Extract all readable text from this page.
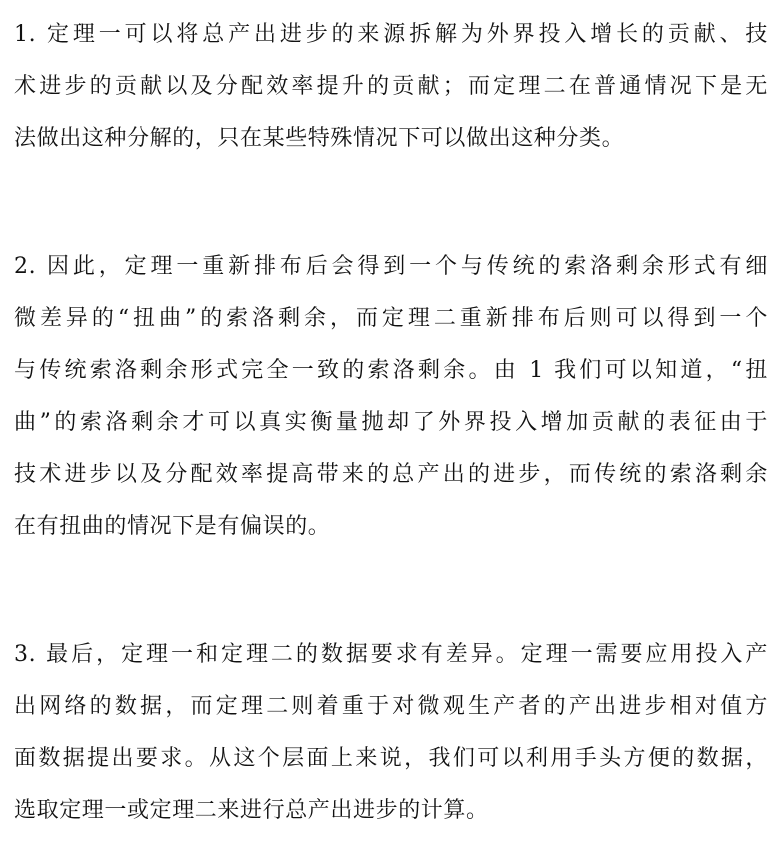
1. 定理一可以将总产出进步的来源拆解为外界投入增长的贡献、技
术进步的贡献以及分配效率提升的贡献；而定理二在普通情况下是无
法做出这种分解的，只在某些特殊情况下可以做出这种分类。

2. 因此，定理一重新排布后会得到一个与传统的索洛剩余形式有细
微差异的“扭曲”的索洛剩余，而定理二重新排布后则可以得到一个
与传统索洛剩余形式完全一致的索洛剩余。由 1 我们可以知道，“扭
曲”的索洛剩余才可以真实衡量抛却了外界投入增加贡献的表征由于
技术进步以及分配效率提高带来的总产出的进步，而传统的索洛剩余
在有扭曲的情况下是有偏误的。

3. 最后，定理一和定理二的数据要求有差异。定理一需要应用投入产
出网络的数据，而定理二则着重于对微观生产者的产出进步相对值方
面数据提出要求。从这个层面上来说，我们可以利用手头方便的数据，
选取定理一或定理二来进行总产出进步的计算。
